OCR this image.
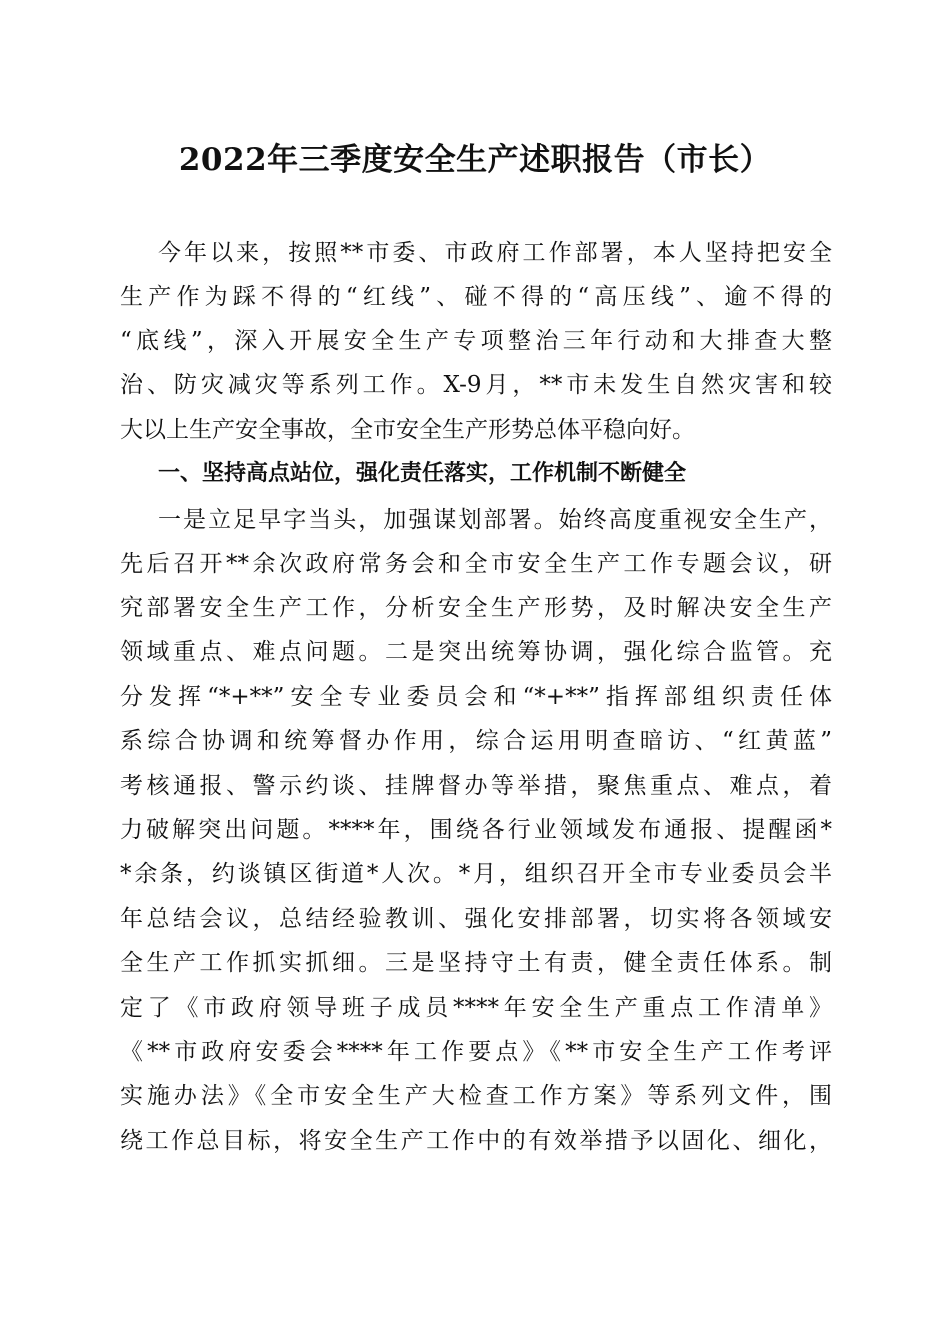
2022年三季度安全生产述职报告（市长）
今年以来，按照**市委、市政府工作部署，本人坚持把安全
生产作为踩不得的“红线”、碰不得的“高压线”、逾不得的
“底线”，深入开展安全生产专项整治三年行动和大排查大整
治、防灾减灾等系列工作。X-9月，**市未发生自然灾害和较
大以上生产安全事故，全市安全生产形势总体平稳向好。
一、坚持高点站位，强化责任落实，工作机制不断健全
一是立足早字当头，加强谋划部署。始终高度重视安全生产，
先后召开**余次政府常务会和全市安全生产工作专题会议，研
究部署安全生产工作，分析安全生产形势，及时解决安全生产
领域重点、难点问题。二是突出统筹协调，强化综合监管。充
分发挥“*+**”安全专业委员会和“*+**”指挥部组织责任体
系综合协调和统筹督办作用，综合运用明查暗访、“红黄蓝”
考核通报、警示约谈、挂牌督办等举措，聚焦重点、难点，着
力破解突出问题。****年，围绕各行业领域发布通报、提醒函*
*余条，约谈镇区街道*人次。*月，组织召开全市专业委员会半
年总结会议，总结经验教训、强化安排部署，切实将各领域安
全生产工作抓实抓细。三是坚持守土有责，健全责任体系。制
定了《市政府领导班子成员****年安全生产重点工作清单》
《**市政府安委会****年工作要点》《**市安全生产工作考评
实施办法》《全市安全生产大检查工作方案》等系列文件，围
绕工作总目标，将安全生产工作中的有效举措予以固化、细化，
